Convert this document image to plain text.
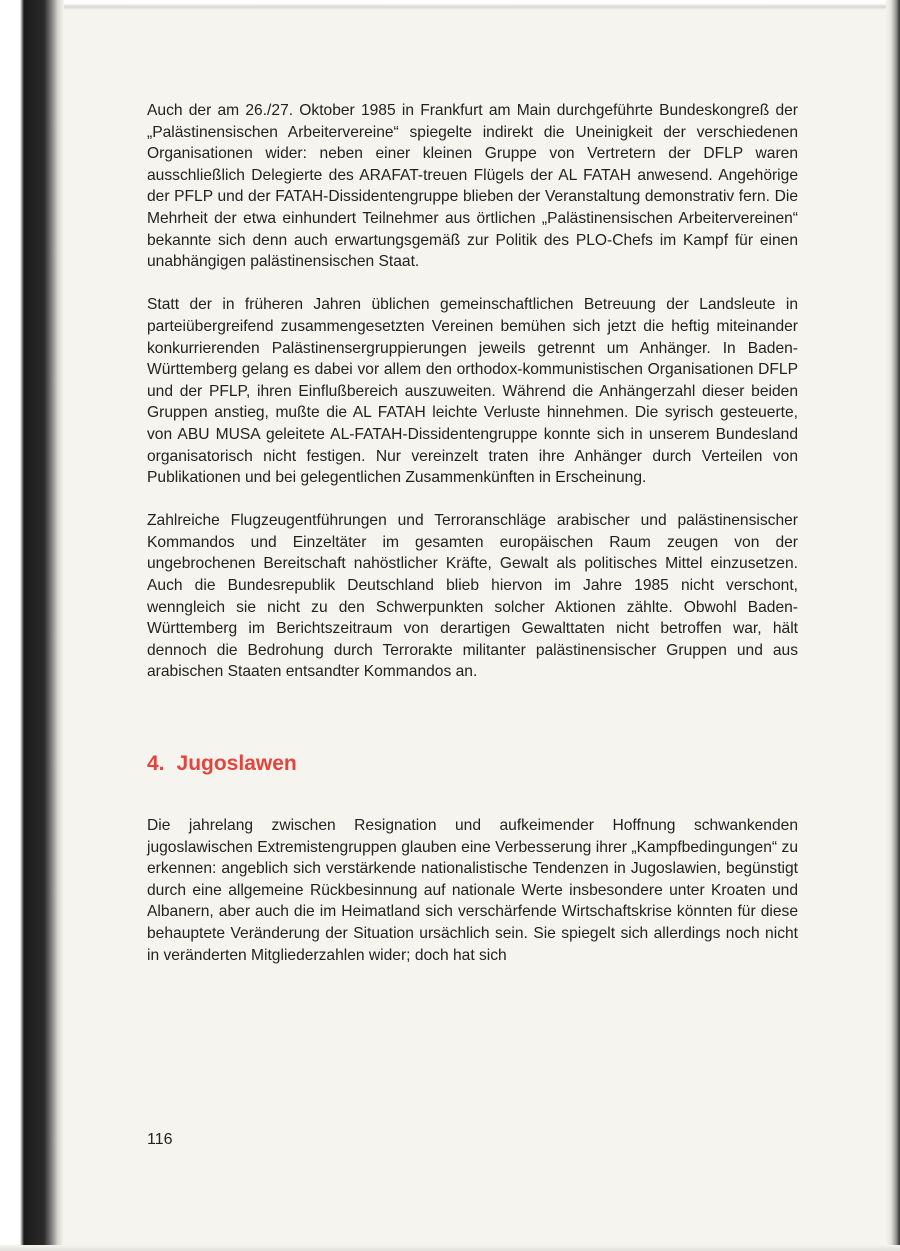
Auch der am 26./27. Oktober 1985 in Frankfurt am Main durchgeführte Bundeskongreß der „Palästinensischen Arbeitervereine“ spiegelte indirekt die Uneinigkeit der verschiedenen Organisationen wider: neben einer kleinen Gruppe von Vertretern der DFLP waren ausschließlich Delegierte des ARAFAT-treuen Flügels der AL FATAH anwesend. Angehörige der PFLP und der FATAH-Dissidentengruppe blieben der Veranstaltung demonstrativ fern. Die Mehrheit der etwa einhundert Teilnehmer aus örtlichen „Palästinensischen Arbeitervereinen“ bekannte sich denn auch erwartungsgemäß zur Politik des PLO-Chefs im Kampf für einen unabhängigen palästinensischen Staat.

Statt der in früheren Jahren üblichen gemeinschaftlichen Betreuung der Landsleute in parteiübergreifend zusammengesetzten Vereinen bemühen sich jetzt die heftig miteinander konkurrierenden Palästinensergruppierungen jeweils getrennt um Anhänger. In Baden-Württemberg gelang es dabei vor allem den orthodox-kommunistischen Organisationen DFLP und der PFLP, ihren Einflußbereich auszuweiten. Während die Anhängerzahl dieser beiden Gruppen anstieg, mußte die AL FATAH leichte Verluste hinnehmen. Die syrisch gesteuerte, von ABU MUSA geleitete AL-FATAH-Dissidentengruppe konnte sich in unserem Bundesland organisatorisch nicht festigen. Nur vereinzelt traten ihre Anhänger durch Verteilen von Publikationen und bei gelegentlichen Zusammenkünften in Erscheinung.

Zahlreiche Flugzeugentführungen und Terroranschläge arabischer und palästinensischer Kommandos und Einzeltäter im gesamten europäischen Raum zeugen von der ungebrochenen Bereitschaft nahöstlicher Kräfte, Gewalt als politisches Mittel einzusetzen. Auch die Bundesrepublik Deutschland blieb hiervon im Jahre 1985 nicht verschont, wenngleich sie nicht zu den Schwerpunkten solcher Aktionen zählte. Obwohl Baden-Württemberg im Berichtszeitraum von derartigen Gewalttaten nicht betroffen war, hält dennoch die Bedrohung durch Terrorakte militanter palästinensischer Gruppen und aus arabischen Staaten entsandter Kommandos an.

4. Jugoslawen

Die jahrelang zwischen Resignation und aufkeimender Hoffnung schwankenden jugoslawischen Extremistengruppen glauben eine Verbesserung ihrer „Kampfbedingungen“ zu erkennen: angeblich sich verstärkende nationalistische Tendenzen in Jugoslawien, begünstigt durch eine allgemeine Rückbesinnung auf nationale Werte insbesondere unter Kroaten und Albanern, aber auch die im Heimatland sich verschärfende Wirtschaftskrise könnten für diese behauptete Veränderung der Situation ursächlich sein. Sie spiegelt sich allerdings noch nicht in veränderten Mitgliederzahlen wider; doch hat sich

116
